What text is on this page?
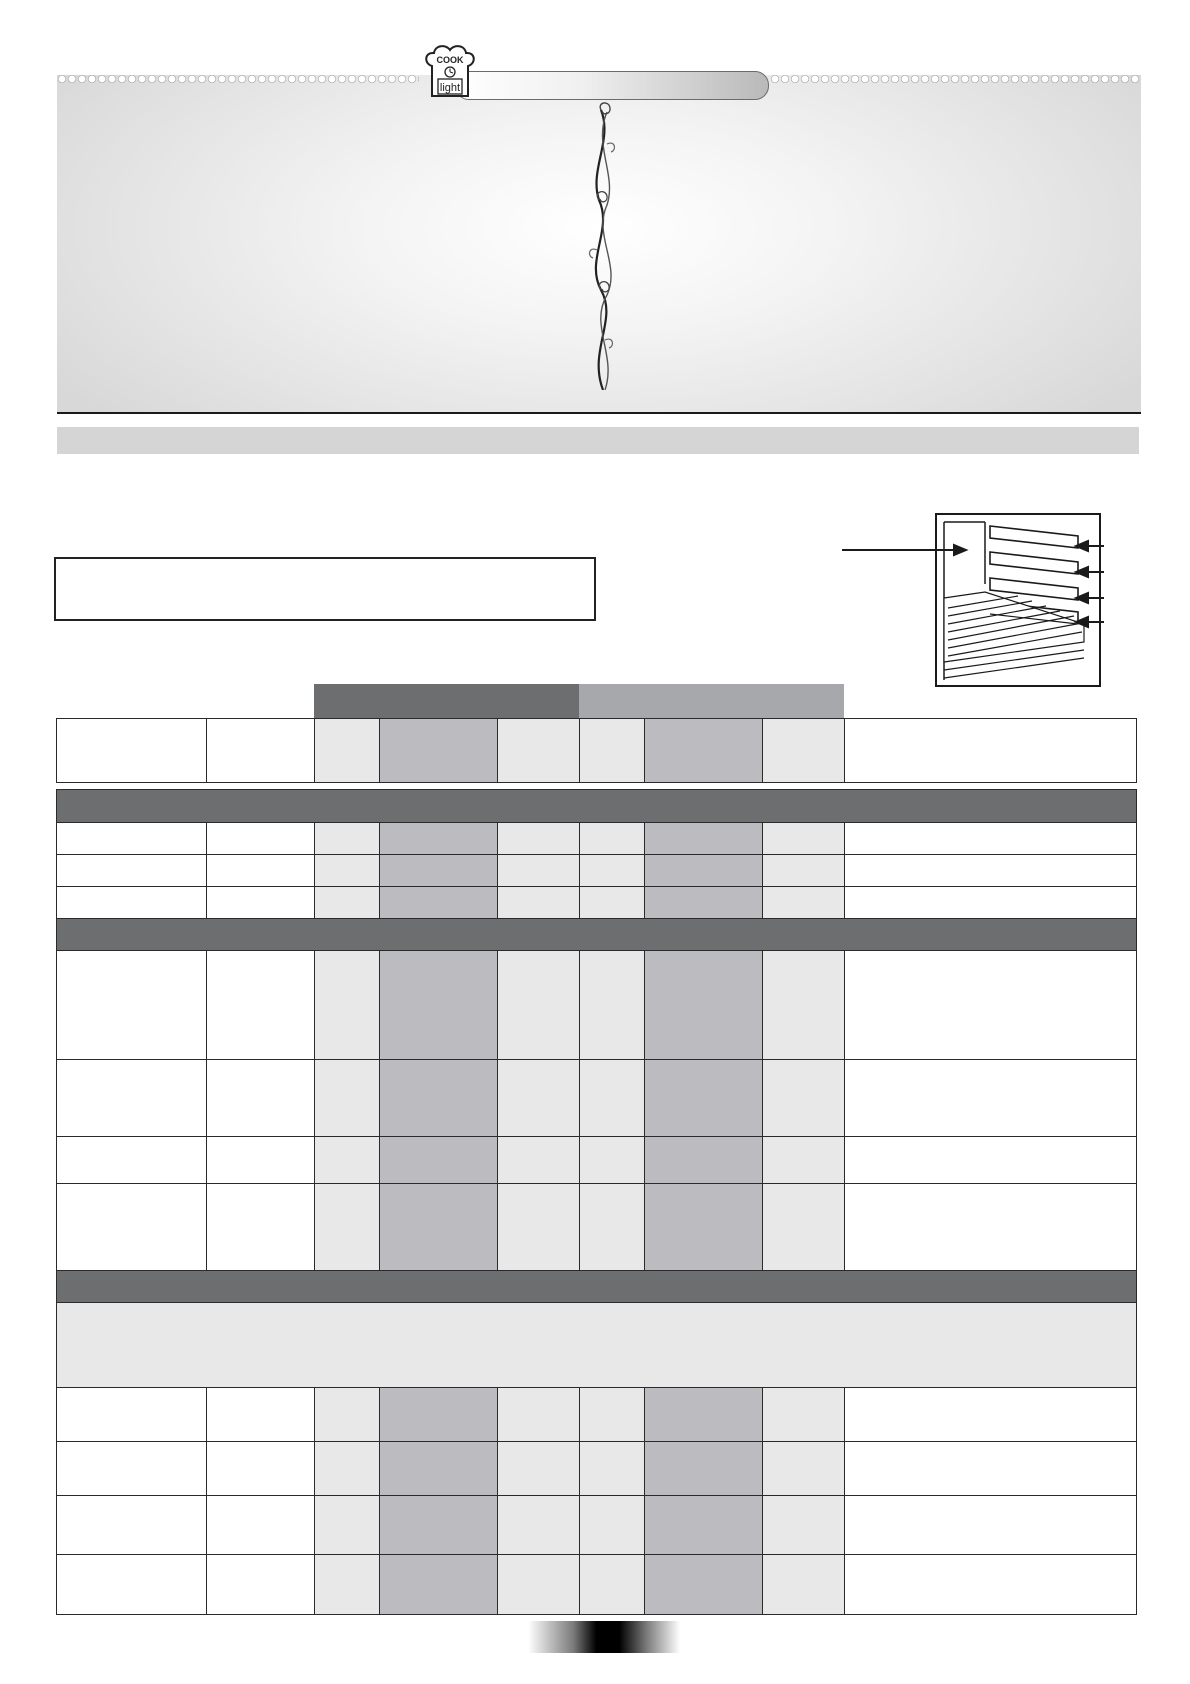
COOK
light
